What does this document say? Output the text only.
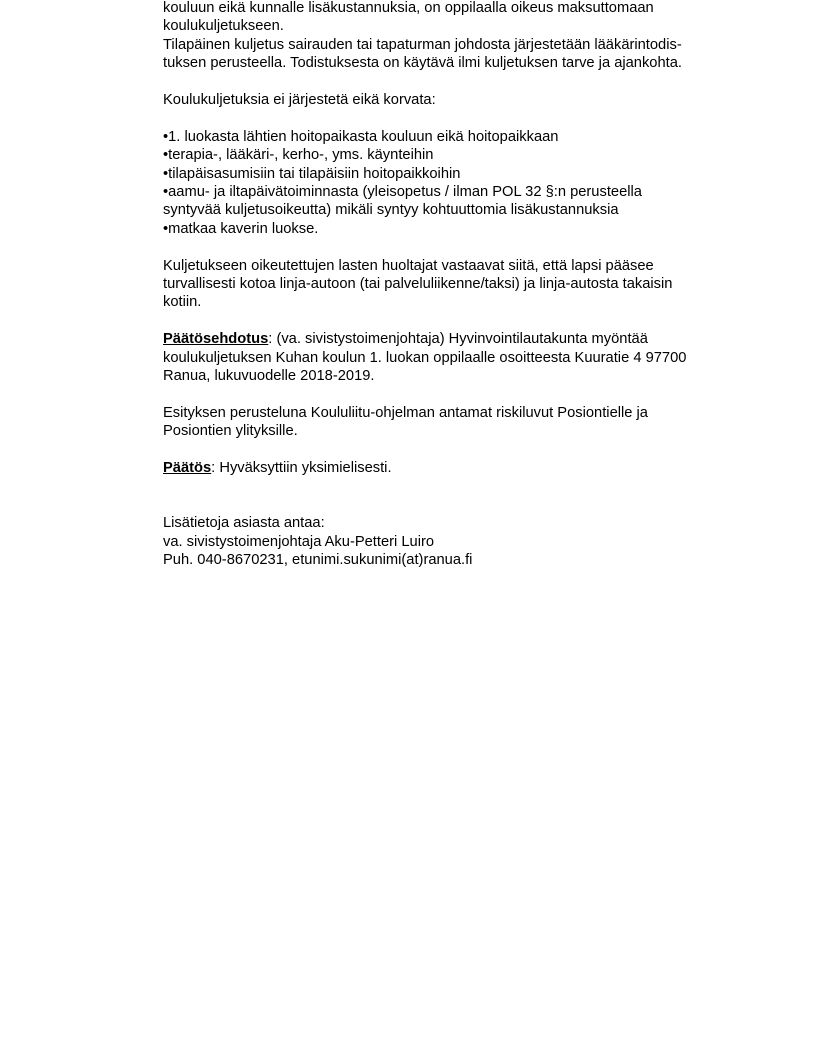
kouluun eikä kunnalle lisäkustannuksia, on oppilaalla oikeus maksuttomaan
koulukuljetukseen.
Tilapäinen kuljetus sairauden tai tapaturman johdosta järjestetään lääkärintodis-
tuksen perusteella. Todistuksesta on käytävä ilmi kuljetuksen tarve ja ajankohta.
Koulukuljetuksia ei järjestetä eikä korvata:
•1. luokasta lähtien hoitopaikasta kouluun eikä hoitopaikkaan
•terapia-, lääkäri-, kerho-, yms. käynteihin
•tilapäisasumisiin tai tilapäisiin hoitopaikkoihin
•aamu- ja iltapäivätoiminnasta (yleisopetus / ilman POL 32 §:n perusteella
syntyvää kuljetusoikeutta) mikäli syntyy kohtuuttomia lisäkustannuksia
•matkaa kaverin luokse.
Kuljetukseen oikeutettujen lasten huoltajat vastaavat siitä, että lapsi pääsee
turvallisesti kotoa linja-autoon (tai palveluliikenne/taksi) ja linja-autosta takaisin
kotiin.
Päätösehdotus: (va. sivistystoimenjohtaja) Hyvinvointilautakunta myöntää
koulukuljetuksen Kuhan koulun 1. luokan oppilaalle osoitteesta Kuuratie 4 97700
Ranua, lukuvuodelle 2018-2019.
Esityksen perusteluna Koululiitu-ohjelman antamat riskiluvut Posiontielle ja
Posiontien ylityksille.
Päätös: Hyväksyttiin yksimielisesti.
Lisätietoja asiasta antaa:
va. sivistystoimenjohtaja Aku-Petteri Luiro
Puh. 040-8670231, etunimi.sukunimi(at)ranua.fi
